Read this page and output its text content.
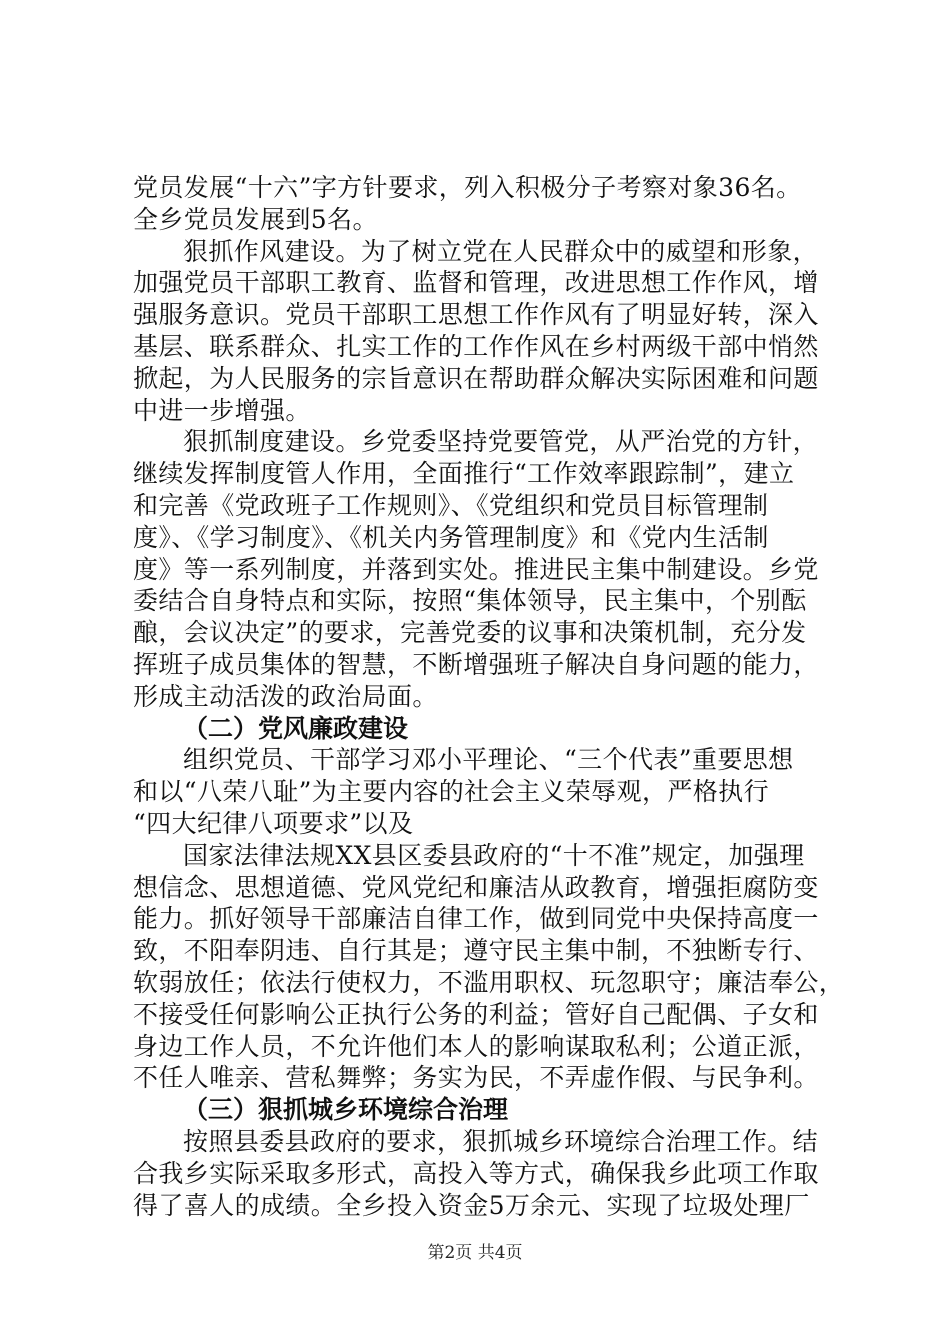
党员发展“十六”字方针要求，列入积极分子考察对象36名。
全乡党员发展到5名。
狠抓作风建设。为了树立党在人民群众中的威望和形象，
加强党员干部职工教育、监督和管理，改进思想工作作风，增
强服务意识。党员干部职工思想工作作风有了明显好转，深入
基层、联系群众、扎实工作的工作作风在乡村两级干部中悄然
掀起，为人民服务的宗旨意识在帮助群众解决实际困难和问题
中进一步增强。
狠抓制度建设。乡党委坚持党要管党，从严治党的方针，
继续发挥制度管人作用，全面推行“工作效率跟踪制”，建立
和完善《党政班子工作规则》、《党组织和党员目标管理制
度》、《学习制度》、《机关内务管理制度》和《党内生活制
度》等一系列制度，并落到实处。推进民主集中制建设。乡党
委结合自身特点和实际，按照“集体领导，民主集中，个别酝
酿，会议决定”的要求，完善党委的议事和决策机制，充分发
挥班子成员集体的智慧，不断增强班子解决自身问题的能力，
形成主动活泼的政治局面。
（二）党风廉政建设
组织党员、干部学习邓小平理论、“三个代表”重要思想
和以“八荣八耻”为主要内容的社会主义荣辱观，严格执行
“四大纪律八项要求”以及
国家法律法规XX县区委县政府的“十不准”规定，加强理
想信念、思想道德、党风党纪和廉洁从政教育，增强拒腐防变
能力。抓好领导干部廉洁自律工作，做到同党中央保持高度一
致，不阳奉阴违、自行其是；遵守民主集中制，不独断专行、
软弱放任；依法行使权力，不滥用职权、玩忽职守；廉洁奉公，
不接受任何影响公正执行公务的利益；管好自己配偶、子女和
身边工作人员，不允许他们本人的影响谋取私利；公道正派，
不任人唯亲、营私舞弊；务实为民，不弄虚作假、与民争利。
（三）狠抓城乡环境综合治理
按照县委县政府的要求，狠抓城乡环境综合治理工作。结
合我乡实际采取多形式，高投入等方式，确保我乡此项工作取
得了喜人的成绩。全乡投入资金5万余元、实现了垃圾处理厂
第2页 共4页
